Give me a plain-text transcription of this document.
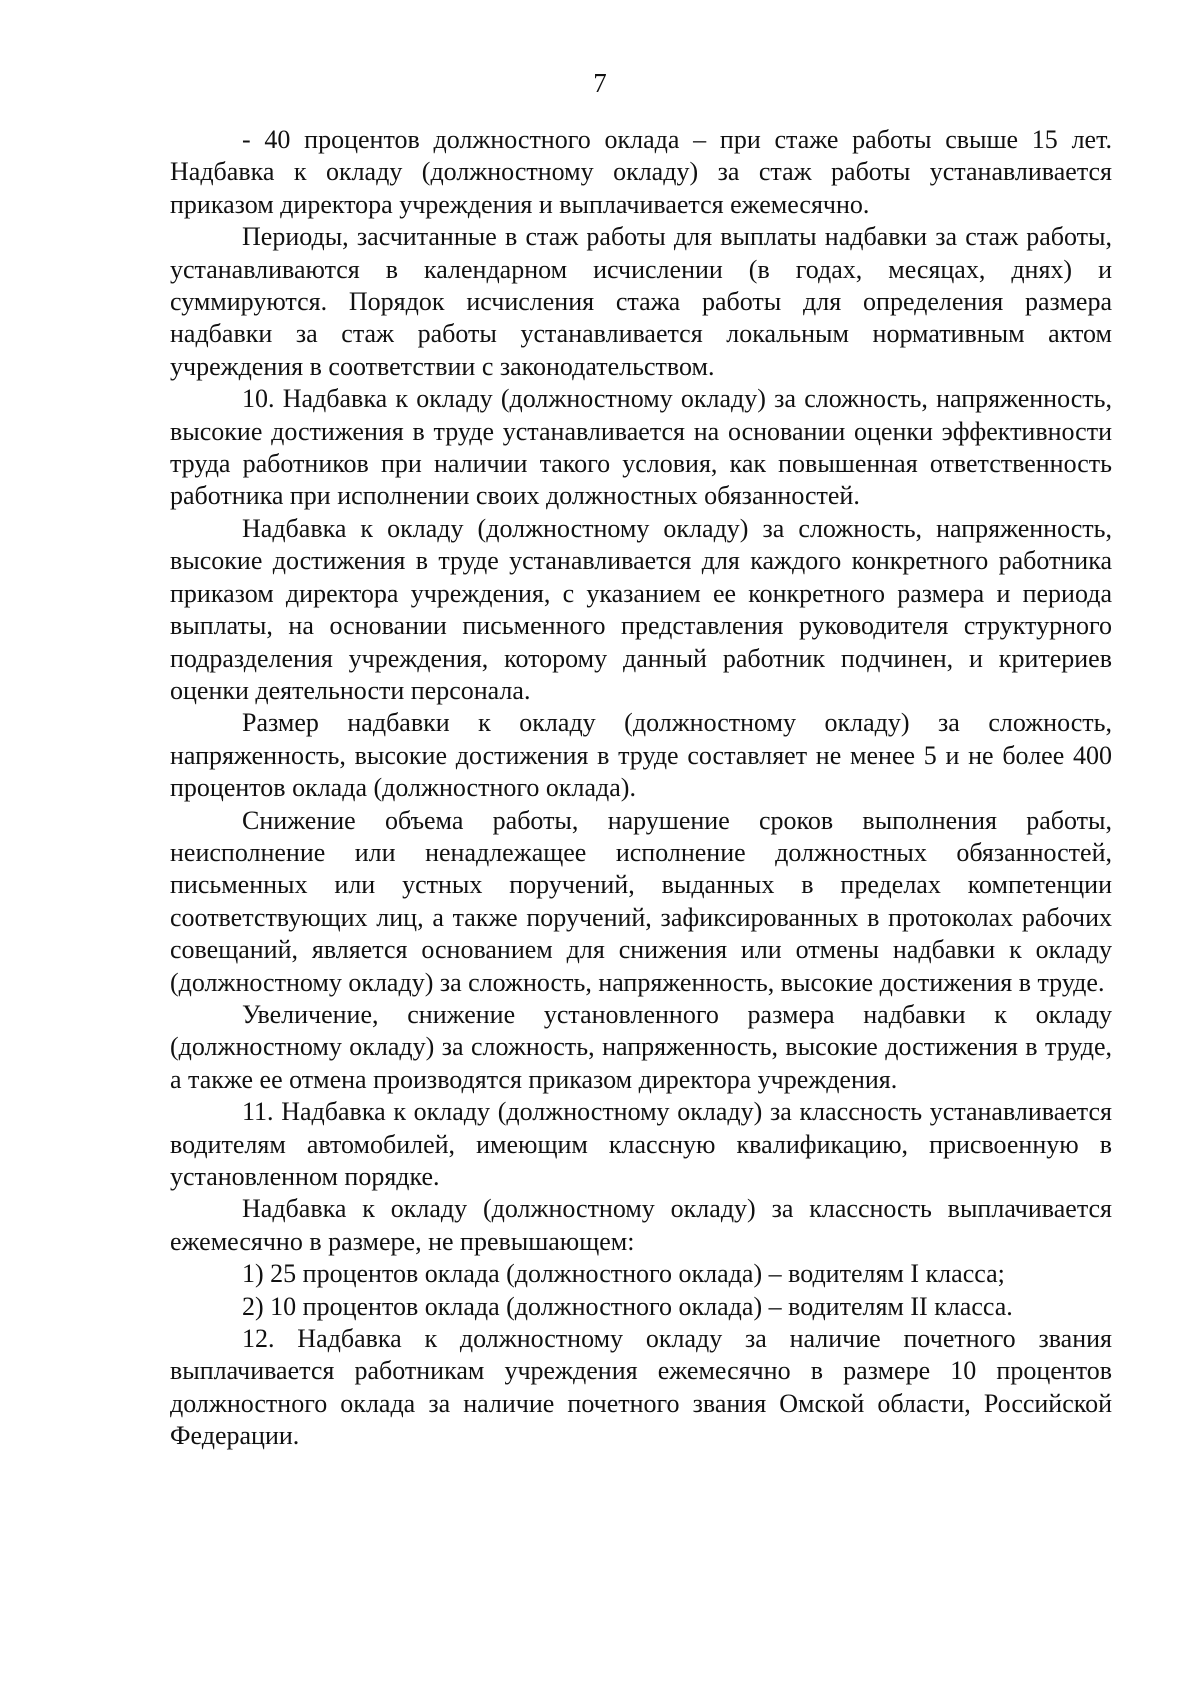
7

- 40 процентов должностного оклада – при стаже работы свыше 15 лет. Надбавка к окладу (должностному окладу) за стаж работы устанавливается приказом директора учреждения и выплачивается ежемесячно.

Периоды, засчитанные в стаж работы для выплаты надбавки за стаж работы, устанавливаются в календарном исчислении (в годах, месяцах, днях) и суммируются. Порядок исчисления стажа работы для определения размера надбавки за стаж работы устанавливается локальным нормативным актом учреждения в соответствии с законодательством.

10. Надбавка к окладу (должностному окладу) за сложность, напряженность, высокие достижения в труде устанавливается на основании оценки эффективности труда работников при наличии такого условия, как повышенная ответственность работника при исполнении своих должностных обязанностей.

Надбавка к окладу (должностному окладу) за сложность, напряженность, высокие достижения в труде устанавливается для каждого конкретного работника приказом директора учреждения, с указанием ее конкретного размера и периода выплаты, на основании письменного представления руководителя структурного подразделения учреждения, которому данный работник подчинен, и критериев оценки деятельности персонала.

Размер надбавки к окладу (должностному окладу) за сложность, напряженность, высокие достижения в труде составляет не менее 5 и не более 400 процентов оклада (должностного оклада).

Снижение объема работы, нарушение сроков выполнения работы, неисполнение или ненадлежащее исполнение должностных обязанностей, письменных или устных поручений, выданных в пределах компетенции соответствующих лиц, а также поручений, зафиксированных в протоколах рабочих совещаний, является основанием для снижения или отмены надбавки к окладу (должностному окладу) за сложность, напряженность, высокие достижения в труде.

Увеличение, снижение установленного размера надбавки к окладу (должностному окладу) за сложность, напряженность, высокие достижения в труде, а также ее отмена производятся приказом директора учреждения.

11. Надбавка к окладу (должностному окладу) за классность устанавливается водителям автомобилей, имеющим классную квалификацию, присвоенную в установленном порядке.

Надбавка к окладу (должностному окладу) за классность выплачивается ежемесячно в размере, не превышающем:

1) 25 процентов оклада (должностного оклада) – водителям I класса;

2) 10 процентов оклада (должностного оклада) – водителям II класса.

12. Надбавка к должностному окладу за наличие почетного звания выплачивается работникам учреждения ежемесячно в размере 10 процентов должностного оклада за наличие почетного звания Омской области, Российской Федерации.
